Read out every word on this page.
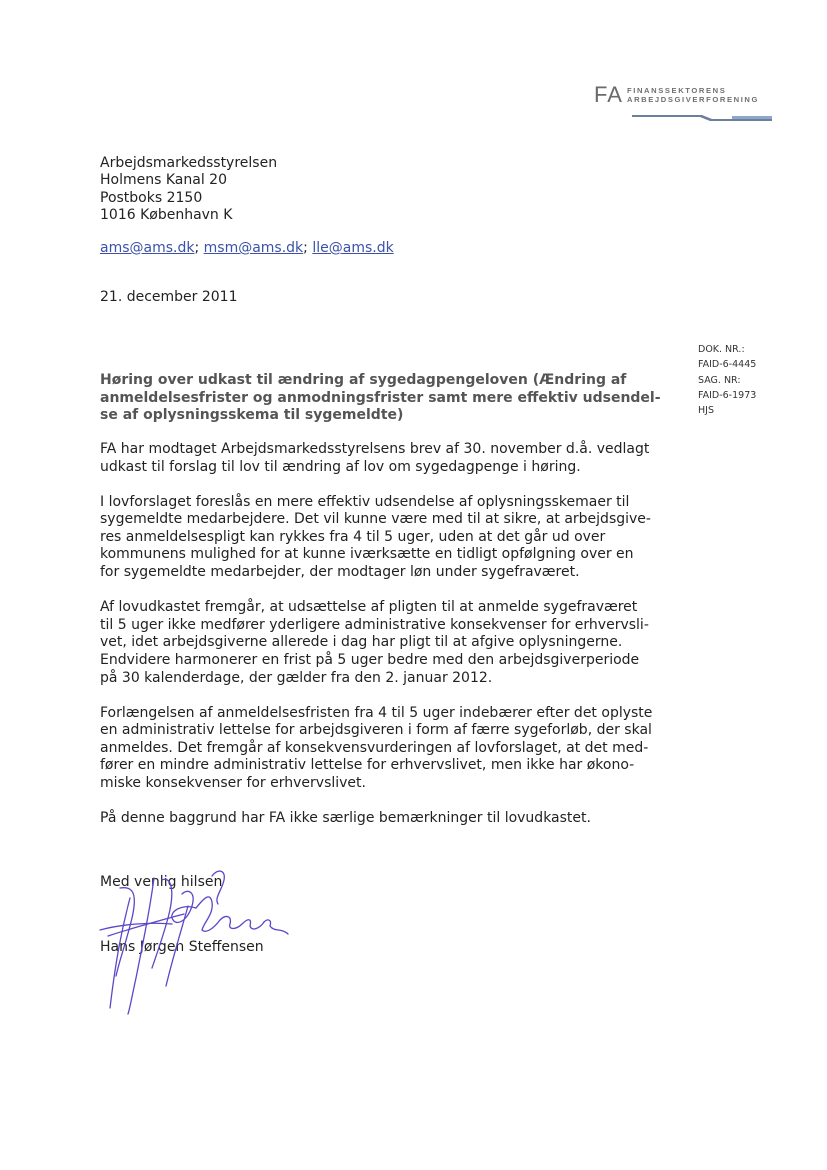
FA FINANSSEKTORENS
ARBEJDSGIVERFORENING
Arbejdsmarkedsstyrelsen
Holmens Kanal 20
Postboks 2150
1016 København K
ams@ams.dk; msm@ams.dk; lle@ams.dk
21. december 2011
DOK. NR.:
FAID-6-4445
SAG. NR:
FAID-6-1973
HJS
Høring over udkast til ændring af sygedagpengeloven (Ændring af
anmeldelsesfrister og anmodningsfrister samt mere effektiv udsendel-
se af oplysningsskema til sygemeldte)

FA har modtaget Arbejdsmarkedsstyrelsens brev af 30. november d.å. vedlagt
udkast til forslag til lov til ændring af lov om sygedagpenge i høring.

I lovforslaget foreslås en mere effektiv udsendelse af oplysningsskemaer til
sygemeldte medarbejdere. Det vil kunne være med til at sikre, at arbejdsgive-
res anmeldelsespligt kan rykkes fra 4 til 5 uger, uden at det går ud over
kommunens mulighed for at kunne iværksætte en tidligt opfølgning over en
for sygemeldte medarbejder, der modtager løn under sygefraværet.

Af lovudkastet fremgår, at udsættelse af pligten til at anmelde sygefraværet
til 5 uger ikke medfører yderligere administrative konsekvenser for erhvervsli-
vet, idet arbejdsgiverne allerede i dag har pligt til at afgive oplysningerne.
Endvidere harmonerer en frist på 5 uger bedre med den arbejdsgiverperiode
på 30 kalenderdage, der gælder fra den 2. januar 2012.

Forlængelsen af anmeldelsesfristen fra 4 til 5 uger indebærer efter det oplyste
en administrativ lettelse for arbejdsgiveren i form af færre sygeforløb, der skal
anmeldes. Det fremgår af konsekvensvurderingen af lovforslaget, at det med-
fører en mindre administrativ lettelse for erhvervslivet, men ikke har økono-
miske konsekvenser for erhvervslivet.

På denne baggrund har FA ikke særlige bemærkninger til lovudkastet.

Med venlig hilsen
Hans Jørgen Steffensen
